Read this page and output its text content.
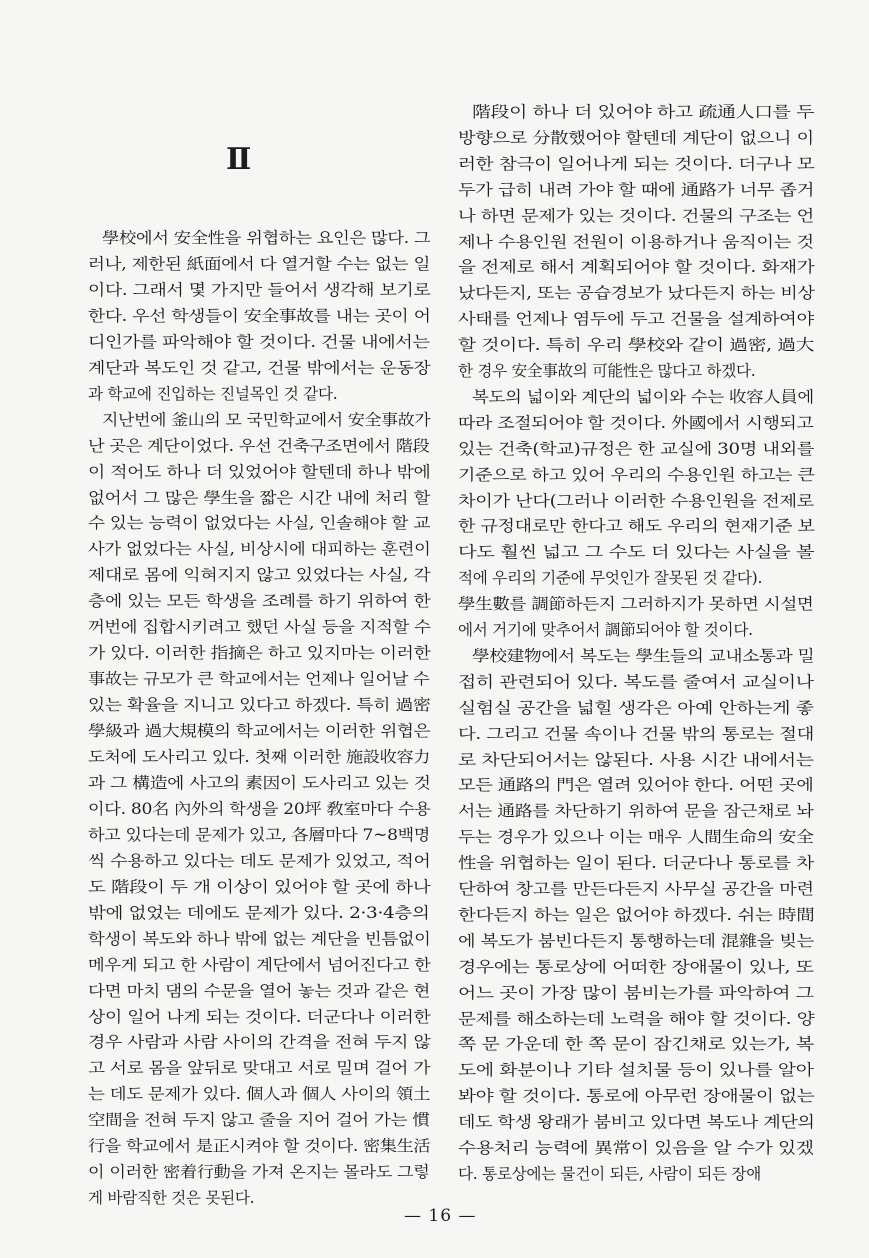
Ⅱ
學校에서 安全性을 위협하는 요인은 많다. 그
러나, 제한된 紙面에서 다 열거할 수는 없는 일
이다. 그래서 몇 가지만 들어서 생각해 보기로
한다. 우선 학생들이 安全事故를 내는 곳이 어
디인가를 파악해야 할 것이다. 건물 내에서는
계단과 복도인 것 같고, 건물 밖에서는 운동장
과 학교에 진입하는 진널목인 것 같다.
지난번에 釜山의 모 국민학교에서 安全事故가
난 곳은 계단이었다. 우선 건축구조면에서 階段
이 적어도 하나 더 있었어야 할텐데 하나 밖에
없어서 그 많은 學生을 짧은 시간 내에 처리 할
수 있는 능력이 없었다는 사실, 인솔해야 할 교
사가 없었다는 사실, 비상시에 대피하는 훈련이
제대로 몸에 익혀지지 않고 있었다는 사실, 각
층에 있는 모든 학생을 조례를 하기 위하여 한
꺼번에 집합시키려고 했던 사실 등을 지적할 수
가 있다. 이러한 指摘은 하고 있지마는 이러한
事故는 규모가 큰 학교에서는 언제나 일어날 수
있는 확율을 지니고 있다고 하겠다. 특히 過密
學級과 過大規模의 학교에서는 이러한 위협은
도처에 도사리고 있다. 첫째 이러한 施設收容力
과 그 構造에 사고의 素因이 도사리고 있는 것
이다. 80名 內外의 학생을 20坪 敎室마다 수용
하고 있다는데 문제가 있고, 各層마다 7~8백명
씩 수용하고 있다는 데도 문제가 있었고, 적어
도 階段이 두 개 이상이 있어야 할 곳에 하나
밖에 없었는 데에도 문제가 있다. 2·3·4층의
학생이 복도와 하나 밖에 없는 계단을 빈틈없이
메우게 되고 한 사람이 계단에서 넘어진다고 한
다면 마치 댐의 수문을 열어 놓는 것과 같은 현
상이 일어 나게 되는 것이다. 더군다나 이러한
경우 사람과 사람 사이의 간격을 전혀 두지 않
고 서로 몸을 앞뒤로 맞대고 서로 밀며 걸어 가
는 데도 문제가 있다. 個人과 個人 사이의 領土
空間을 전혀 두지 않고 줄을 지어 걸어 가는 慣
行을 학교에서 是正시켜야 할 것이다. 密集生活
이 이러한 密着行動을 가져 온지는 몰라도 그렇
게 바람직한 것은 못된다.
階段이 하나 더 있어야 하고 疏通人口를 두
방향으로 分散했어야 할텐데 계단이 없으니 이
러한 참극이 일어나게 되는 것이다. 더구나 모
두가 급히 내려 가야 할 때에 通路가 너무 좁거
나 하면 문제가 있는 것이다. 건물의 구조는 언
제나 수용인원 전원이 이용하거나 움직이는 것
을 전제로 해서 계획되어야 할 것이다. 화재가
났다든지, 또는 공습경보가 났다든지 하는 비상
사태를 언제나 염두에 두고 건물을 설계하여야
할 것이다. 특히 우리 學校와 같이 過密, 過大
한 경우 安全事故의 可能性은 많다고 하겠다.
복도의 넓이와 계단의 넓이와 수는 收容人員에
따라 조절되어야 할 것이다. 外國에서 시행되고
있는 건축(학교)규정은 한 교실에 30명 내외를
기준으로 하고 있어 우리의 수용인원 하고는 큰
차이가 난다(그러나 이러한 수용인원을 전제로
한 규정대로만 한다고 해도 우리의 현재기준 보
다도 훨씬 넓고 그 수도 더 있다는 사실을 볼
적에 우리의 기준에 무엇인가 잘못된 것 같다).
學生數를 調節하든지 그러하지가 못하면 시설면
에서 거기에 맞추어서 調節되어야 할 것이다.
學校建物에서 복도는 學生들의 교내소통과 밀
접히 관련되어 있다. 복도를 줄여서 교실이나
실험실 공간을 넓힐 생각은 아예 안하는게 좋
다. 그리고 건물 속이나 건물 밖의 통로는 절대
로 차단되어서는 않된다. 사용 시간 내에서는
모든 通路의 門은 열려 있어야 한다. 어떤 곳에
서는 通路를 차단하기 위하여 문을 잠근채로 놔
두는 경우가 있으나 이는 매우 人間生命의 安全
性을 위협하는 일이 된다. 더군다나 통로를 차
단하여 창고를 만든다든지 사무실 공간을 마련
한다든지 하는 일은 없어야 하겠다. 쉬는 時間
에 복도가 붐빈다든지 통행하는데 混雜을 빚는
경우에는 통로상에 어떠한 장애물이 있나, 또
어느 곳이 가장 많이 붐비는가를 파악하여 그
문제를 해소하는데 노력을 해야 할 것이다. 양
쪽 문 가운데 한 쪽 문이 잠긴채로 있는가, 복
도에 화분이나 기타 설치물 등이 있나를 알아
봐야 할 것이다. 통로에 아무런 장애물이 없는
데도 학생 왕래가 붐비고 있다면 복도나 계단의
수용처리 능력에 異常이 있음을 알 수가 있겠
다. 통로상에는 물건이 되든, 사람이 되든 장애
— 16 —
